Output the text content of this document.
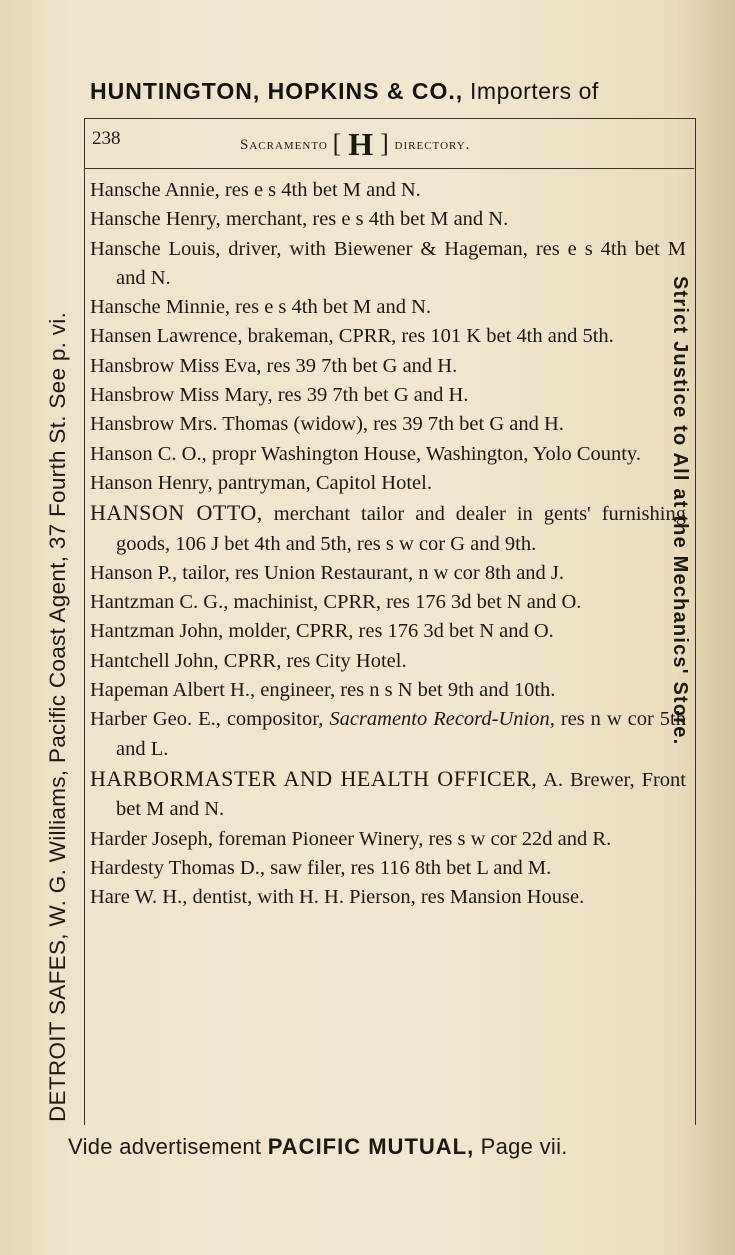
HUNTINGTON, HOPKINS & CO., Importers of
238	Sacramento [ H ] directory.

Hansche Annie, res e s 4th bet M and N.

Hansche Henry, merchant, res e s 4th bet M and N.

Hansche Louis, driver, with Biewener & Hageman, res e s 4th bet M and N.

Hansche Minnie, res e s 4th bet M and N.

Hansen Lawrence, brakeman, CPRR, res 101 K bet 4th and 5th.

Hansbrow Miss Eva, res 39 7th bet G and H.

Hansbrow Miss Mary, res 39 7th bet G and H.

Hansbrow Mrs. Thomas (widow), res 39 7th bet G and H.

Hanson C. O., propr Washington House, Washington, Yolo County.

Hanson Henry, pantryman, Capitol Hotel.

HANSON OTTO, merchant tailor and dealer in gents' furnishing goods, 106 J bet 4th and 5th, res s w cor G and 9th.

Hanson P., tailor, res Union Restaurant, n w cor 8th and J.

Hantzman C. G., machinist, CPRR, res 176 3d bet N and O.

Hantzman John, molder, CPRR, res 176 3d bet N and O.

Hantchell John, CPRR, res City Hotel.

Hapeman Albert H., engineer, res n s N bet 9th and 10th.

Harber Geo. E., compositor, Sacramento Record-Union, res n w cor 5th and L.

HARBORMASTER AND HEALTH OFFICER, A. Brewer, Front bet M and N.

Harder Joseph, foreman Pioneer Winery, res s w cor 22d and R.

Hardesty Thomas D., saw filer, res 116 8th bet L and M.

Hare W. H., dentist, with H. H. Pierson, res Mansion House.

DETROIT SAFES, W. G. Williams, Pacific Coast Agent, 37 Fourth St. See p. vi.	Strict Justice to All at the Mechanics' Store.
Vide advertisement PACIFIC MUTUAL, Page vii.
